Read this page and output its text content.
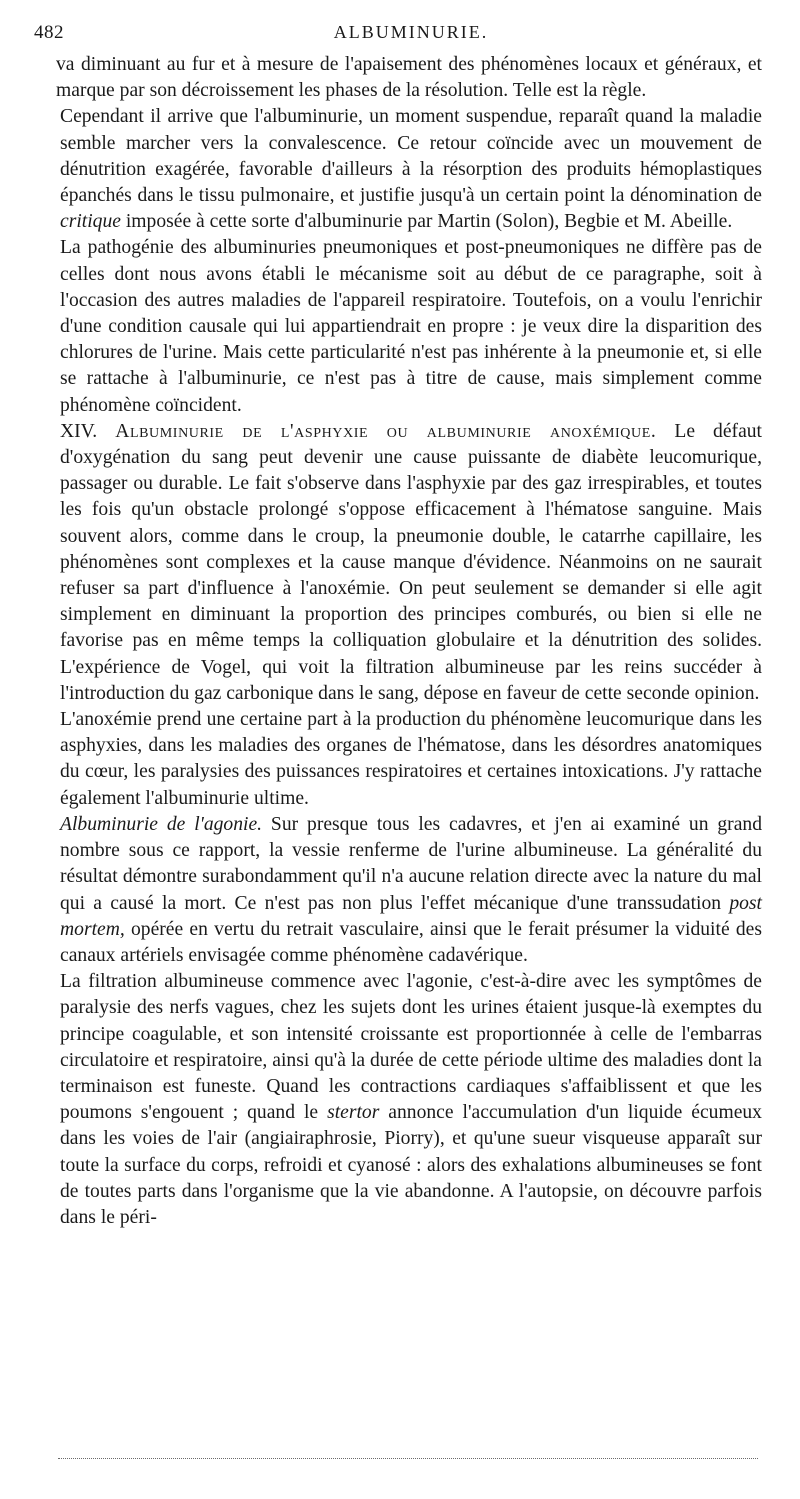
482	ALBUMINURIE.

va diminuant au fur et à mesure de l'apaisement des phénomènes locaux et généraux, et marque par son décroissement les phases de la résolution. Telle est la règle.

Cependant il arrive que l'albuminurie, un moment suspendue, reparaît quand la maladie semble marcher vers la convalescence. Ce retour coïncide avec un mouvement de dénutrition exagérée, favorable d'ailleurs à la résorption des produits hémoplastiques épanchés dans le tissu pulmonaire, et justifie jusqu'à un certain point la dénomination de critique imposée à cette sorte d'albuminurie par Martin (Solon), Begbie et M. Abeille.

La pathogénie des albuminuries pneumoniques et post-pneumoniques ne diffère pas de celles dont nous avons établi le mécanisme soit au début de ce paragraphe, soit à l'occasion des autres maladies de l'appareil respiratoire. Toutefois, on a voulu l'enrichir d'une condition causale qui lui appartiendrait en propre : je veux dire la disparition des chlorures de l'urine. Mais cette particularité n'est pas inhérente à la pneumonie et, si elle se rattache à l'albuminurie, ce n'est pas à titre de cause, mais simplement comme phénomène coïncident.

XIV. Albuminurie de l'asphyxie ou albuminurie anoxémique. Le défaut d'oxygénation du sang peut devenir une cause puissante de diabète leucomurique, passager ou durable. Le fait s'observe dans l'asphyxie par des gaz irrespirables, et toutes les fois qu'un obstacle prolongé s'oppose efficacement à l'hématose sanguine. Mais souvent alors, comme dans le croup, la pneumonie double, le catarrhe capillaire, les phénomènes sont complexes et la cause manque d'évidence. Néanmoins on ne saurait refuser sa part d'influence à l'anoxémie. On peut seulement se demander si elle agit simplement en diminuant la proportion des principes comburés, ou bien si elle ne favorise pas en même temps la colliquation globulaire et la dénutrition des solides. L'expérience de Vogel, qui voit la filtration albumineuse par les reins succéder à l'introduction du gaz carbonique dans le sang, dépose en faveur de cette seconde opinion.

L'anoxémie prend une certaine part à la production du phénomène leucomurique dans les asphyxies, dans les maladies des organes de l'hématose, dans les désordres anatomiques du cœur, les paralysies des puissances respiratoires et certaines intoxications. J'y rattache également l'albuminurie ultime.

Albuminurie de l'agonie. Sur presque tous les cadavres, et j'en ai examiné un grand nombre sous ce rapport, la vessie renferme de l'urine albumineuse. La généralité du résultat démontre surabondamment qu'il n'a aucune relation directe avec la nature du mal qui a causé la mort. Ce n'est pas non plus l'effet mécanique d'une transsudation post mortem, opérée en vertu du retrait vasculaire, ainsi que le ferait présumer la viduité des canaux artériels envisagée comme phénomène cadavérique.

La filtration albumineuse commence avec l'agonie, c'est-à-dire avec les symptômes de paralysie des nerfs vagues, chez les sujets dont les urines étaient jusque-là exemptes du principe coagulable, et son intensité croissante est proportionnée à celle de l'embarras circulatoire et respiratoire, ainsi qu'à la durée de cette période ultime des maladies dont la terminaison est funeste. Quand les contractions cardiaques s'affaiblissent et que les poumons s'engouent ; quand le stertor annonce l'accumulation d'un liquide écumeux dans les voies de l'air (angiairaphrosie, Piorry), et qu'une sueur visqueuse apparaît sur toute la surface du corps, refroidi et cyanosé : alors des exhalations albumineuses se font de toutes parts dans l'organisme que la vie abandonne. A l'autopsie, on découvre parfois dans le péri-
